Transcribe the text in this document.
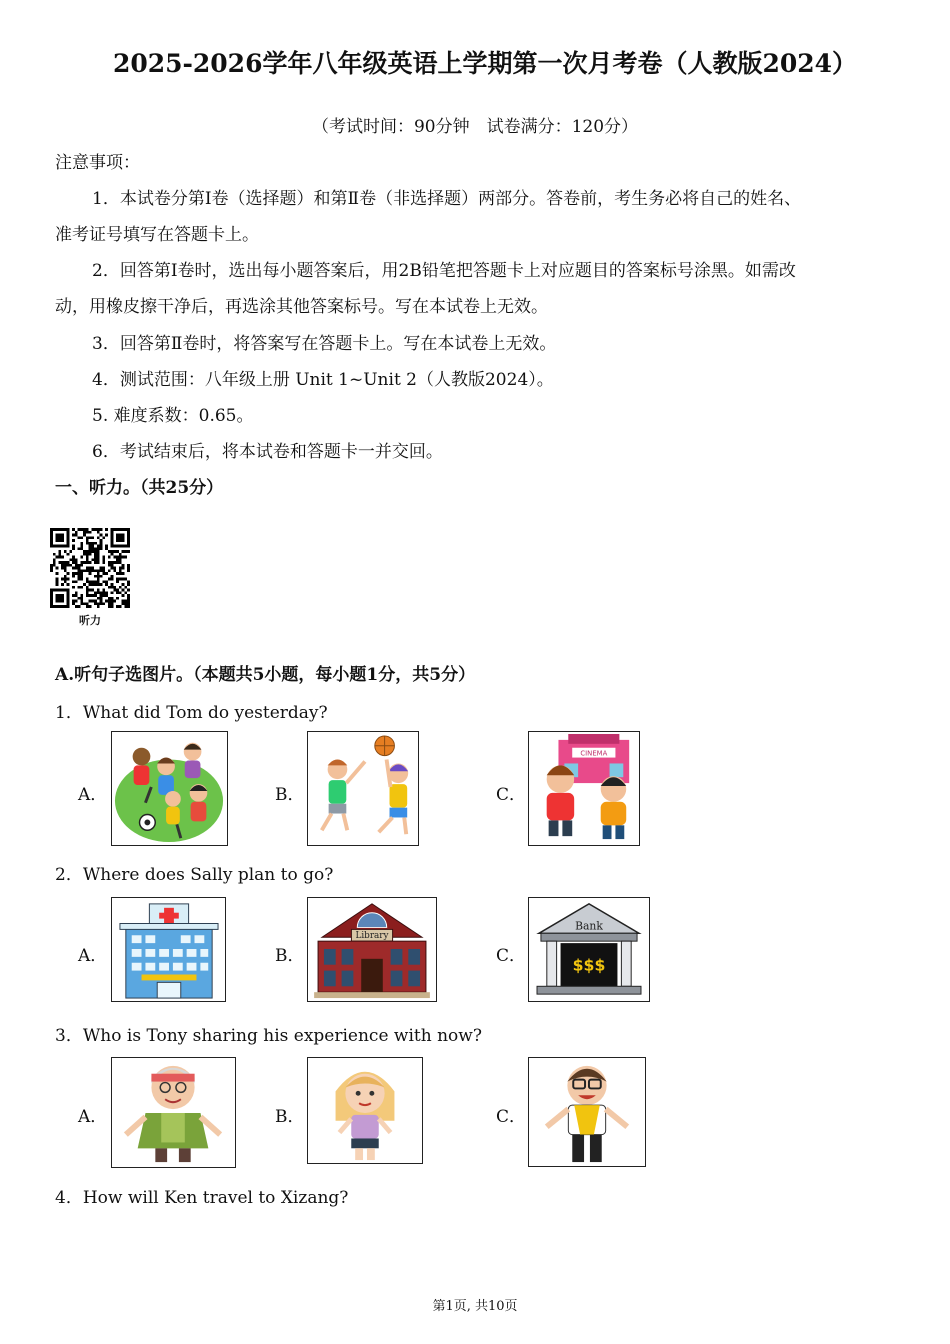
2025-2026学年八年级英语上学期第一次月考卷（人教版2024）
（考试时间：90分钟　试卷满分：120分）
注意事项：
1．本试卷分第Ⅰ卷（选择题）和第Ⅱ卷（非选择题）两部分。答卷前，考生务必将自己的姓名、
准考证号填写在答题卡上。
2．回答第Ⅰ卷时，选出每小题答案后，用2B铅笔把答题卡上对应题目的答案标号涂黑。如需改
动，用橡皮擦干净后，再选涂其他答案标号。写在本试卷上无效。
3．回答第Ⅱ卷时，将答案写在答题卡上。写在本试卷上无效。
4．测试范围：八年级上册 Unit 1~Unit 2（人教版2024）。
5. 难度系数：0.65。
6．考试结束后，将本试卷和答题卡一并交回。
一、听力。（共25分）
听力
A.听句子选图片。（本题共5小题，每小题1分，共5分）
1．What did Tom do yesterday?
A．	B．	C．
CINEMA
2．Where does Sally plan to go?
A．	B．
Library
C．
Bank
$$$
3．Who is Tony sharing his experience with now?
A．	B．	C．
4．How will Ken travel to Xizang?
第1页, 共10页
